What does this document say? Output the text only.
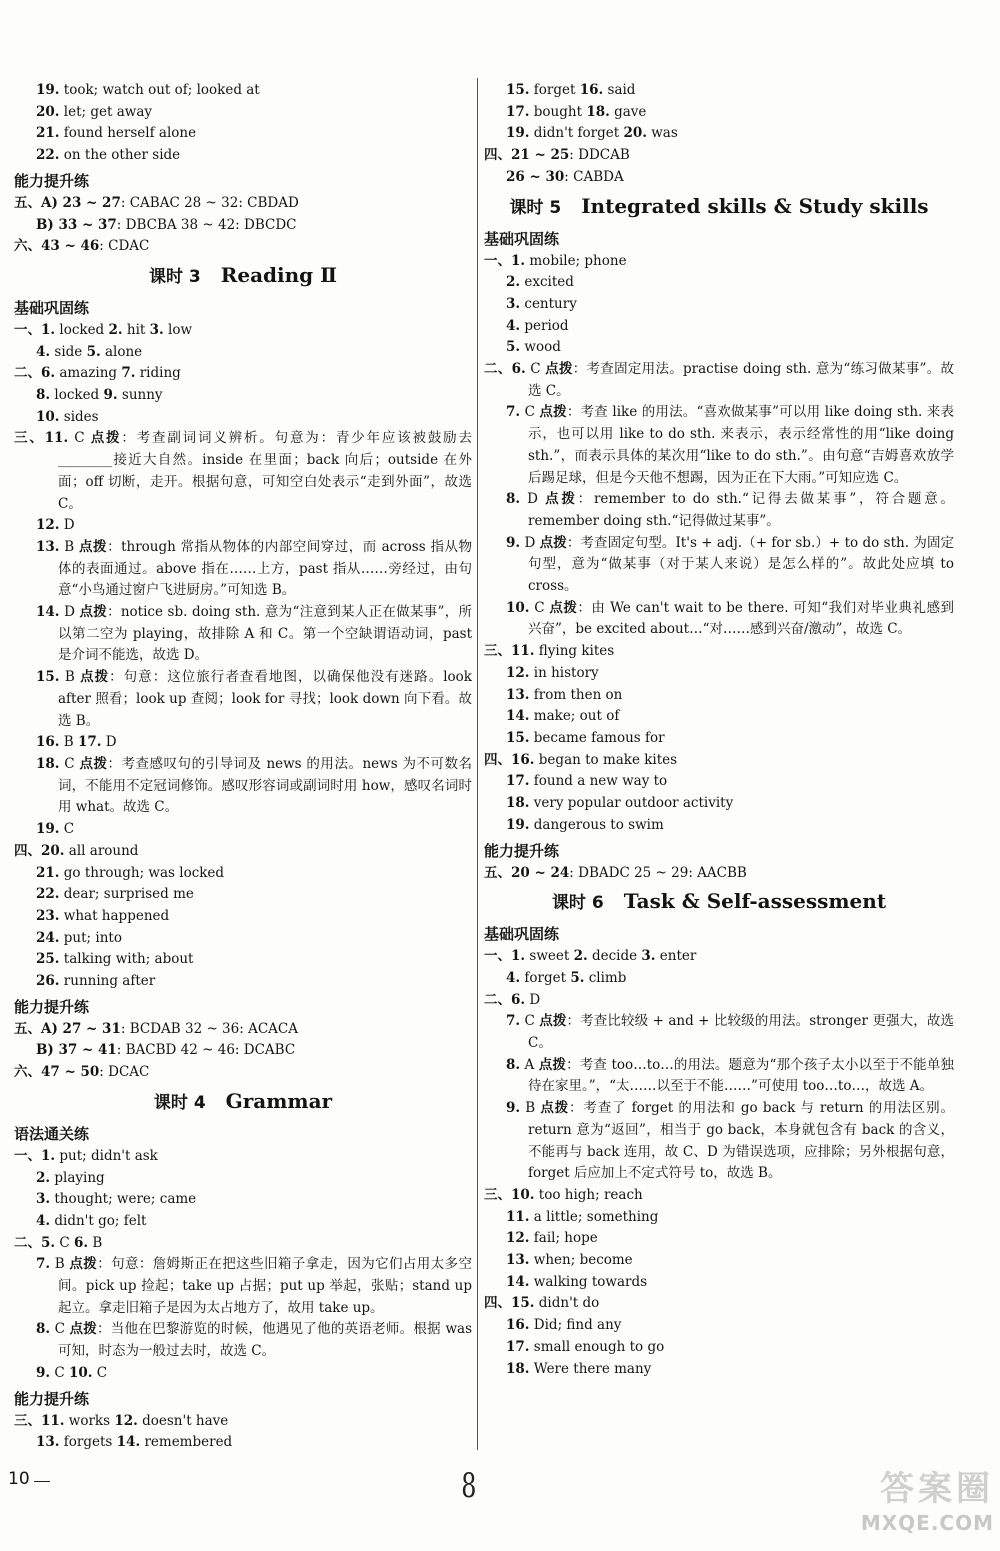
19. took; watch out of; looked at
20. let; get away
21. found herself alone
22. on the other side
能力提升练
五、A) 23 ~ 27: CABAC 28 ~ 32: CBDAD
B) 33 ~ 37: DBCBA 38 ~ 42: DBCDC
六、43 ~ 46: CDAC
课时 3 Reading Ⅱ
基础巩固练
一、1. locked 2. hit 3. low
4. side 5. alone
二、6. amazing 7. riding
8. locked 9. sunny
10. sides
三、11. C 点拨：考查副词词义辨析。句意为：青少年应该被鼓励去________接近大自然。inside 在里面；back 向后；outside 在外面；off 切断，走开。根据句意，可知空白处表示“走到外面”，故选 C。
12. D
13. B 点拨：through 常指从物体的内部空间穿过，而 across 指从物体的表面通过。above 指在……上方，past 指从……旁经过，由句意“小鸟通过窗户飞进厨房。”可知选 B。
14. D 点拨：notice sb. doing sth. 意为“注意到某人正在做某事”，所以第二空为 playing，故排除 A 和 C。第一个空缺谓语动词，past 是介词不能选，故选 D。
15. B 点拨：句意：这位旅行者查看地图，以确保他没有迷路。look after 照看；look up 查阅；look for 寻找；look down 向下看。故选 B。
16. B 17. D
18. C 点拨：考查感叹句的引导词及 news 的用法。news 为不可数名词，不能用不定冠词修饰。感叹形容词或副词时用 how，感叹名词时用 what。故选 C。
19. C
四、20. all around
21. go through; was locked
22. dear; surprised me
23. what happened
24. put; into
25. talking with; about
26. running after
能力提升练
五、A) 27 ~ 31: BCDAB 32 ~ 36: ACACA
B) 37 ~ 41: BACBD 42 ~ 46: DCABC
六、47 ~ 50: DCAC
课时 4 Grammar
语法通关练
一、1. put; didn't ask
2. playing
3. thought; were; came
4. didn't go; felt
二、5. C 6. B
7. B 点拨：句意：詹姆斯正在把这些旧箱子拿走，因为它们占用太多空间。pick up 捡起；take up 占据；put up 举起，张贴；stand up 起立。拿走旧箱子是因为太占地方了，故用 take up。
8. C 点拨：当他在巴黎游览的时候，他遇见了他的英语老师。根据 was 可知，时态为一般过去时，故选 C。
9. C 10. C
能力提升练
三、11. works 12. doesn't have
13. forgets 14. remembered
15. forget 16. said
17. bought 18. gave
19. didn't forget 20. was
四、21 ~ 25: DDCAB
26 ~ 30: CABDA
课时 5 Integrated skills & Study skills
基础巩固练
一、1. mobile; phone
2. excited
3. century
4. period
5. wood
二、6. C 点拨：考查固定用法。practise doing sth. 意为“练习做某事”。故选 C。
7. C 点拨：考查 like 的用法。“喜欢做某事”可以用 like doing sth. 来表示，也可以用 like to do sth. 来表示，表示经常性的用“like doing sth.”，而表示具体的某次用“like to do sth.”。由句意“吉姆喜欢放学后踢足球，但是今天他不想踢，因为正在下大雨。”可知应选 C。
8. D 点拨：remember to do sth.“记得去做某事”，符合题意。remember doing sth.“记得做过某事”。
9. D 点拨：考查固定句型。It's + adj.（+ for sb.）+ to do sth. 为固定句型，意为“做某事（对于某人来说）是怎么样的”。故此处应填 to cross。
10. C 点拨：由 We can't wait to be there. 可知“我们对毕业典礼感到兴奋”，be excited about…“对……感到兴奋/激动”，故选 C。
三、11. flying kites
12. in history
13. from then on
14. make; out of
15. became famous for
四、16. began to make kites
17. found a new way to
18. very popular outdoor activity
19. dangerous to swim
能力提升练
五、20 ~ 24: DBADC 25 ~ 29: AACBB
课时 6 Task & Self-assessment
基础巩固练
一、1. sweet 2. decide 3. enter
4. forget 5. climb
二、6. D
7. C 点拨：考查比较级 + and + 比较级的用法。stronger 更强大，故选 C。
8. A 点拨：考查 too…to…的用法。题意为“那个孩子太小以至于不能单独待在家里。”，“太……以至于不能……”可使用 too…to…，故选 A。
9. B 点拨：考查了 forget 的用法和 go back 与 return 的用法区别。return 意为“返回”，相当于 go back，本身就包含有 back 的含义，不能再与 back 连用，故 C、D 为错误选项，应排除；另外根据句意，forget 后应加上不定式符号 to，故选 B。
三、10. too high; reach
11. a little; something
12. fail; hope
13. when; become
14. walking towards
四、15. didn't do
16. Did; find any
17. small enough to go
18. Were there many
10	8	答案圈
MXQE.COM
